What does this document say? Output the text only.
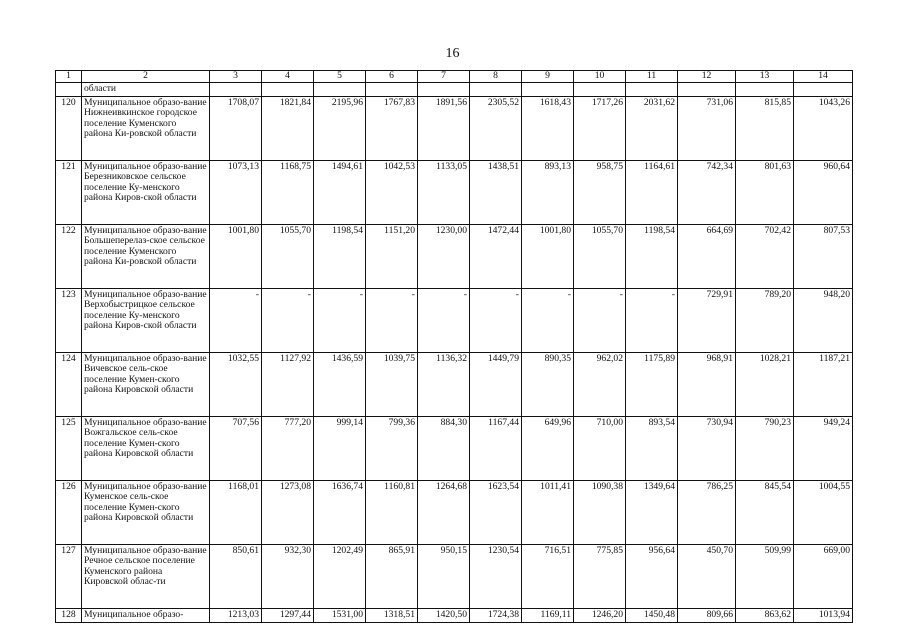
16
1	2	3	4	5	6	7	8	9	10	11	12	13	14
	области												
120	Муниципальное образо-вание Нижнеивкинское городское поселение Куменского района Ки-ровской области	1708,07	1821,84	2195,96	1767,83	1891,56	2305,52	1618,43	1717,26	2031,62	731,06	815,85	1043,26
121	Муниципальное образо-вание Березниковское сельское поселение Ку-менского района Киров-ской области	1073,13	1168,75	1494,61	1042,53	1133,05	1438,51	893,13	958,75	1164,61	742,34	801,63	960,64
122	Муниципальное образо-вание Большеперелаз-ское сельское поселение Куменского района Ки-ровской области	1001,80	1055,70	1198,54	1151,20	1230,00	1472,44	1001,80	1055,70	1198,54	664,69	702,42	807,53
123	Муниципальное образо-вание Верхобыстрицкое сельское поселение Ку-менского района Киров-ской области	-	-	-	-	-	-	-	-	-	729,91	789,20	948,20
124	Муниципальное образо-вание Вичевское сель-ское поселение Кумен-ского района Кировской области	1032,55	1127,92	1436,59	1039,75	1136,32	1449,79	890,35	962,02	1175,89	968,91	1028,21	1187,21
125	Муниципальное образо-вание Вожгальское сель-ское поселение Кумен-ского района Кировской области	707,56	777,20	999,14	799,36	884,30	1167,44	649,96	710,00	893,54	730,94	790,23	949,24
126	Муниципальное образо-вание Куменское сель-ское поселение Кумен-ского района Кировской области	1168,01	1273,08	1636,74	1160,81	1264,68	1623,54	1011,41	1090,38	1349,64	786,25	845,54	1004,55
127	Муниципальное образо-вание Речное сельское поселение Куменского района Кировской облас-ти	850,61	932,30	1202,49	865,91	950,15	1230,54	716,51	775,85	956,64	450,70	509,99	669,00
128	Муниципальное образо-	1213,03	1297,44	1531,00	1318,51	1420,50	1724,38	1169,11	1246,20	1450,48	809,66	863,62	1013,94
